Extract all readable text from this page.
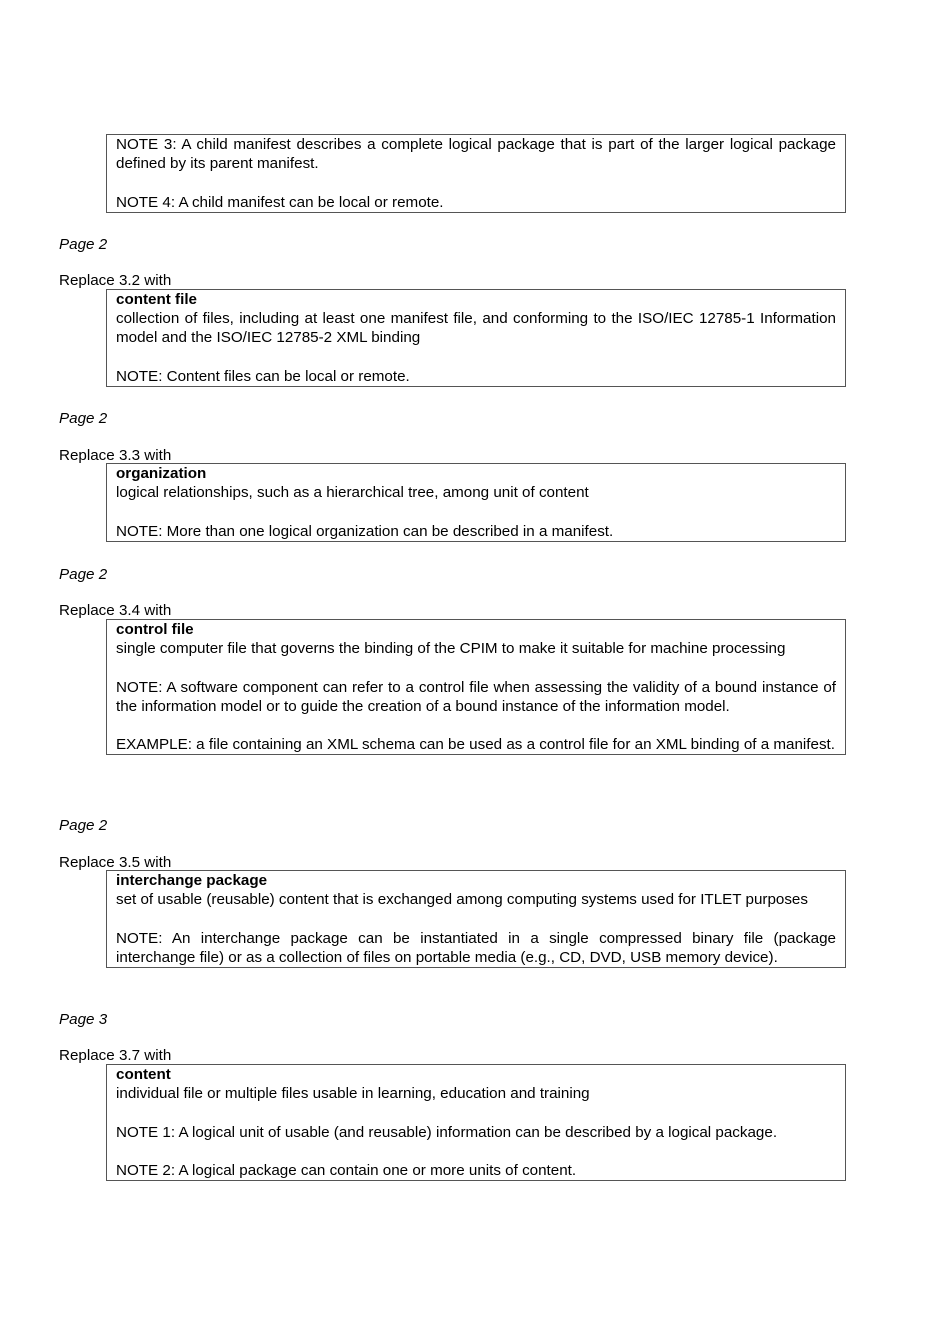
NOTE 3: A child manifest describes a complete logical package that is part of the larger logical package defined by its parent manifest.

NOTE 4: A child manifest can be local or remote.

Page 2
Replace 3.2 with

content file

collection of files, including at least one manifest file, and conforming to the ISO/IEC 12785-1 Information model and the ISO/IEC 12785-2 XML binding

NOTE: Content files can be local or remote.

Page 2
Replace 3.3 with

organization

logical relationships, such as a hierarchical tree, among unit of content

NOTE: More than one logical organization can be described in a manifest.

Page 2
Replace 3.4 with

control file

single computer file that governs the binding of the CPIM to make it suitable for machine processing

NOTE: A software component can refer to a control file when assessing the validity of a bound instance of the information model or to guide the creation of a bound instance of the information model.

EXAMPLE: a file containing an XML schema can be used as a control file for an XML binding of a manifest.

Page 2
Replace 3.5 with

interchange package

set of usable (reusable) content that is exchanged among computing systems used for ITLET purposes

NOTE: An interchange package can be instantiated in a single compressed binary file (package interchange file) or as a collection of files on portable media (e.g., CD, DVD, USB memory device).

Page 3
Replace 3.7 with

content

individual file or multiple files usable in learning, education and training

NOTE 1: A logical unit of usable (and reusable) information can be described by a logical package.

NOTE 2: A logical package can contain one or more units of content.
